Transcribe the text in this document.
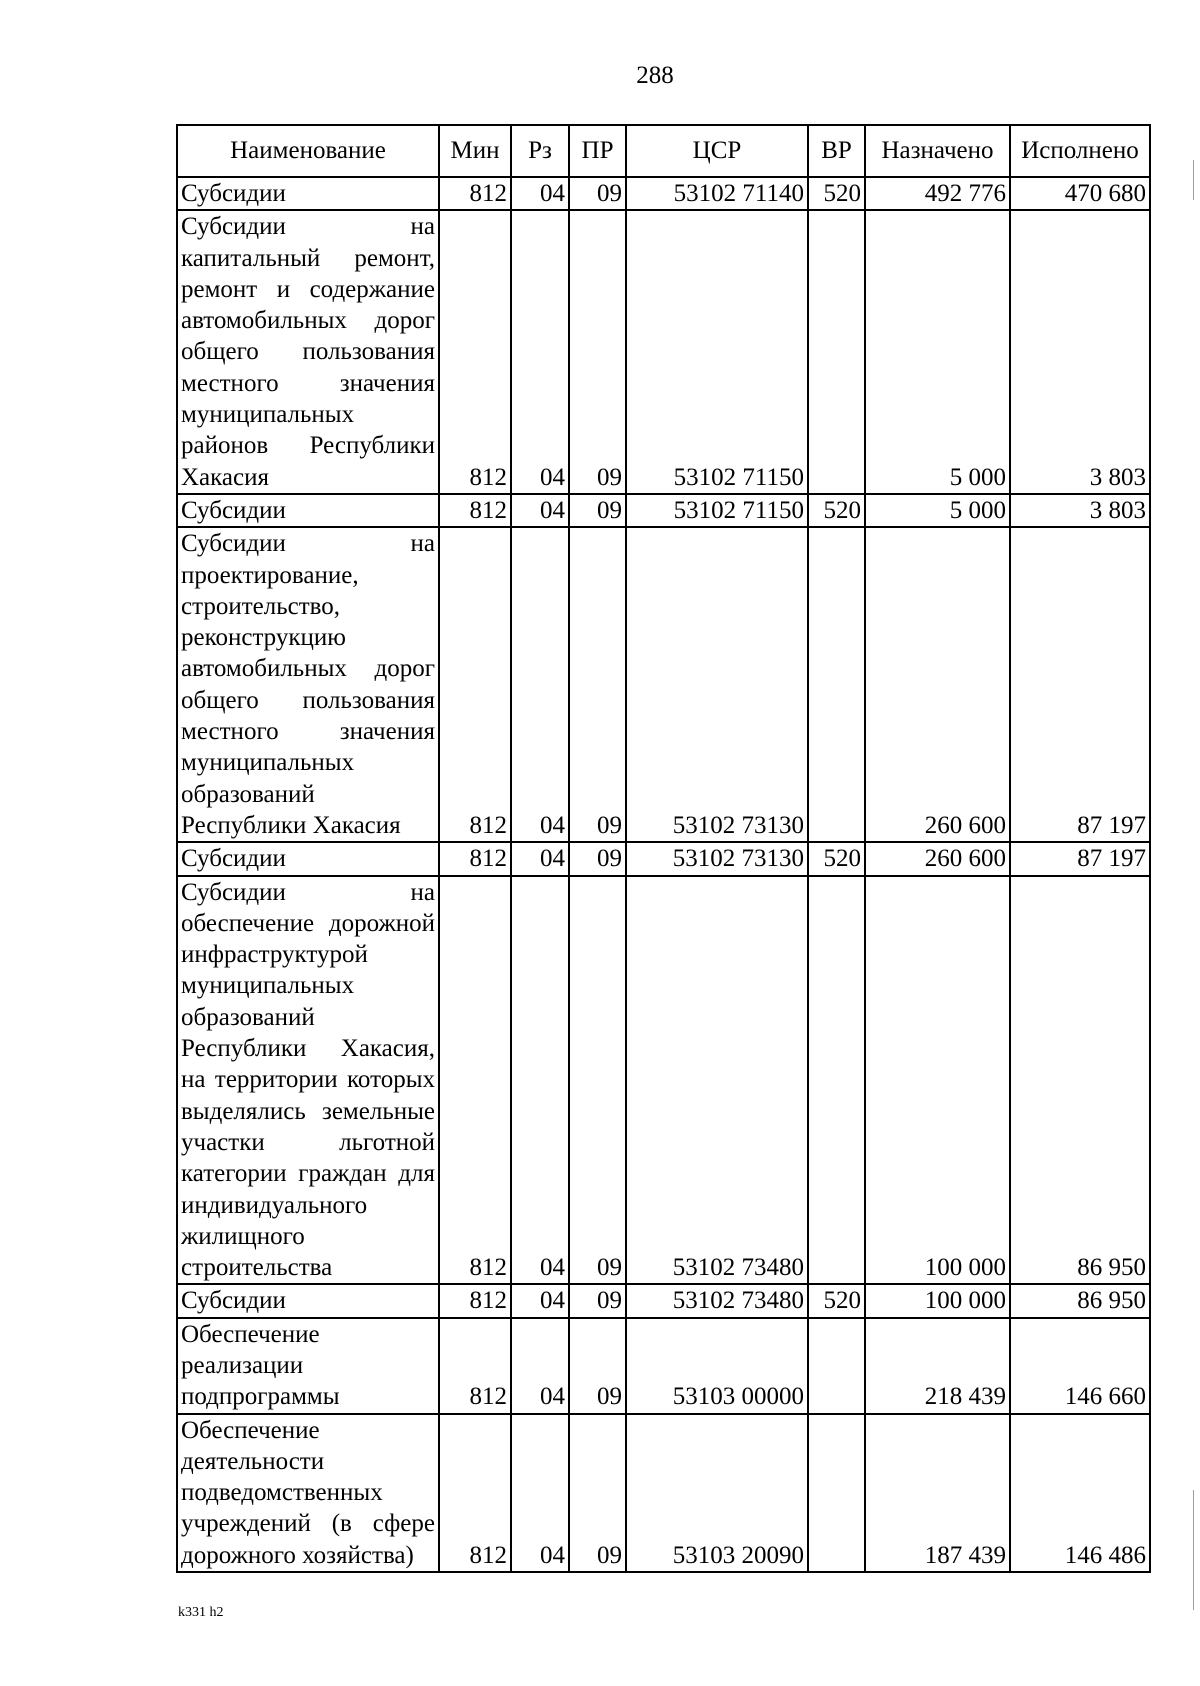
288
Наименование	Мин	Рз	ПР	ЦСР	ВР	Назначено	Исполнено
Субсидии	812	04	09	53102 71140	520	492 776	470 680
Субсидии на капитальный ремонт, ремонт и содержание автомобильных дорог общего пользования местного значения муниципальных районов Республики Хакасия	812	04	09	53102 71150		5 000	3 803
Субсидии	812	04	09	53102 71150	520	5 000	3 803
Субсидии на проектирование, строительство, реконструкцию автомобильных дорог общего пользования местного значения муниципальных образований Республики Хакасия	812	04	09	53102 73130		260 600	87 197
Субсидии	812	04	09	53102 73130	520	260 600	87 197
Субсидии на обеспечение дорожной инфраструктурой муниципальных образований Республики Хакасия, на территории которых выделялись земельные участки льготной категории граждан для индивидуального жилищного строительства	812	04	09	53102 73480		100 000	86 950
Субсидии	812	04	09	53102 73480	520	100 000	86 950
Обеспечение реализации подпрограммы	812	04	09	53103 00000		218 439	146 660
Обеспечение деятельности подведомственных учреждений (в сфере дорожного хозяйства)	812	04	09	53103 20090		187 439	146 486
k331 h2
